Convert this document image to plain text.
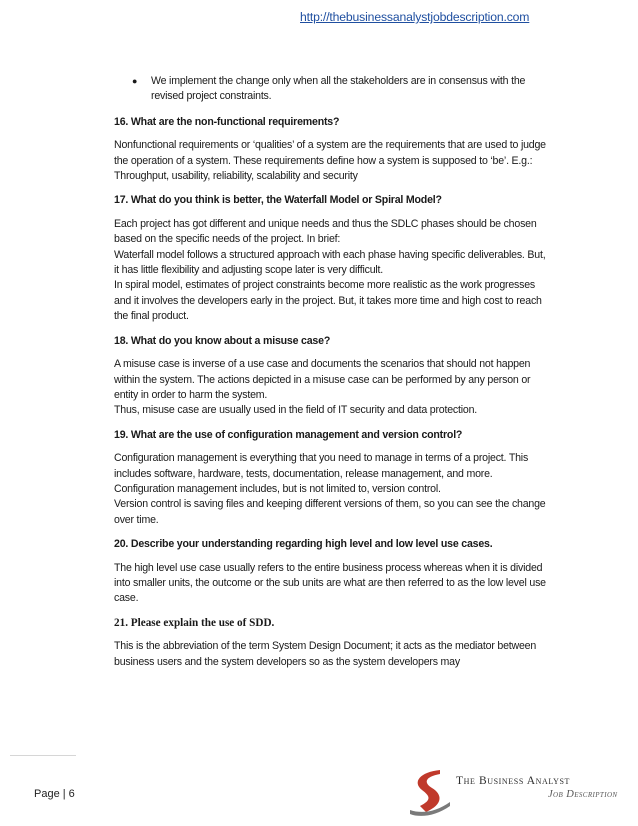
http://thebusinessanalystjobdescription.com
● We implement the change only when all the stakeholders are in consensus with the revised project constraints.

16. What are the non-functional requirements?

Nonfunctional requirements or ‘qualities’ of a system are the requirements that are used to judge the operation of a system. These requirements define how a system is supposed to ‘be’. E.g.: Throughput, usability, reliability, scalability and security

17. What do you think is better, the Waterfall Model or Spiral Model?

Each project has got different and unique needs and thus the SDLC phases should be chosen based on the specific needs of the project. In brief:

Waterfall model follows a structured approach with each phase having specific deliverables. But, it has little flexibility and adjusting scope later is very difficult.

In spiral model, estimates of project constraints become more realistic as the work progresses and it involves the developers early in the project. But, it takes more time and high cost to reach the final product.

18. What do you know about a misuse case?

A misuse case is inverse of a use case and documents the scenarios that should not happen within the system. The actions depicted in a misuse case can be performed by any person or entity in order to harm the system.

Thus, misuse case are usually used in the field of IT security and data protection.

19. What are the use of configuration management and version control?

Configuration management is everything that you need to manage in terms of a project. This includes software, hardware, tests, documentation, release management, and more.

Configuration management includes, but is not limited to, version control.

Version control is saving files and keeping different versions of them, so you can see the change over time.

20. Describe your understanding regarding high level and low level use cases.

The high level use case usually refers to the entire business process whereas when it is divided into smaller units, the outcome or the sub units are what are then referred to as the low level use case.

21. Please explain the use of SDD.

This is the abbreviation of the term System Design Document; it acts as the mediator between business users and the system developers so as the system developers may

Page | 6
The Business Analyst
Job Description
